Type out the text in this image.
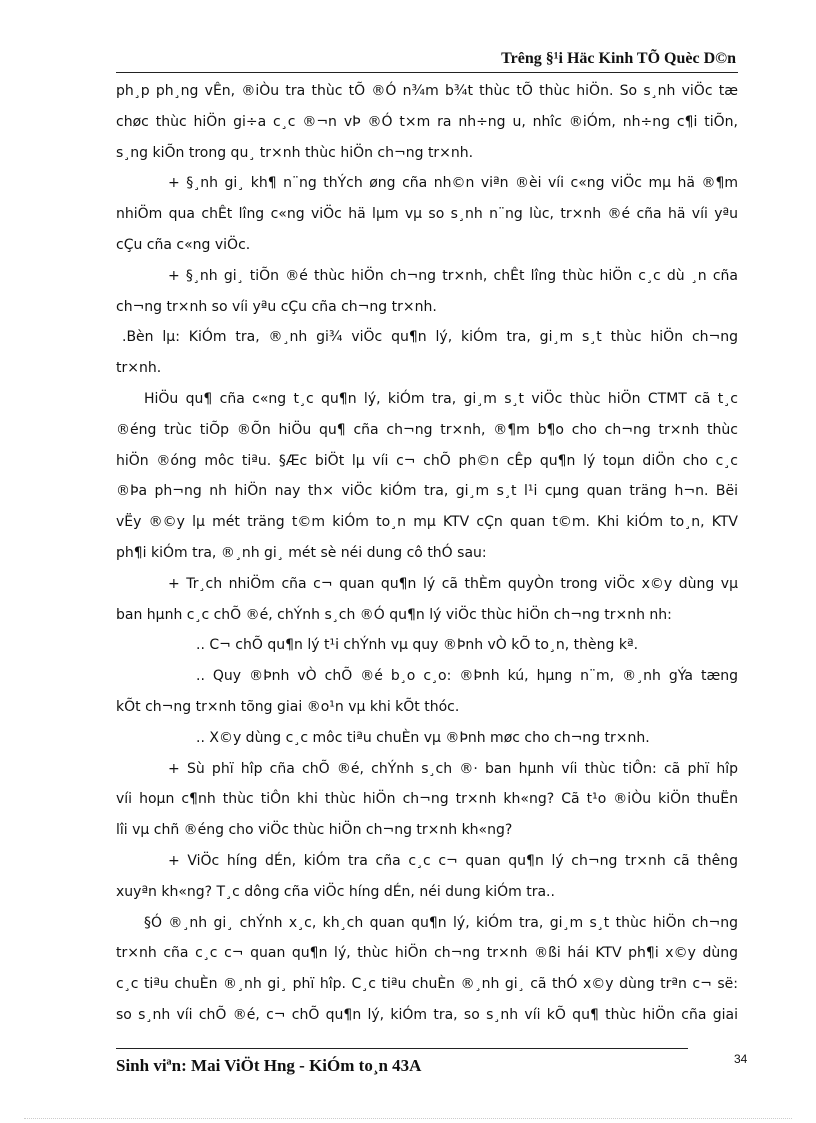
Trêng §¹i Häc Kinh TÕ Quèc D©n
ph¸p ph¸ng vÊn, ®iÒu tra thùc tÕ ®Ó n¾m b¾t thùc tÕ thùc hiÖn. So s¸nh viÖc tæ
chøc thùc hiÖn gi÷a c¸c ®¬n vÞ ®Ó t×m ra nh÷ng u, nhîc ®iÓm, nh÷ng c¶i tiÕn,
s¸ng kiÕn trong qu¸ tr×nh thùc hiÖn ch¬ng tr×nh.
+ §¸nh gi¸ kh¶ n¨ng thÝch øng cña nh©n viªn ®èi víi c«ng viÖc mµ hä ®¶m
nhiÖm qua chÊt lîng c«ng viÖc hä lµm vµ so s¸nh n¨ng lùc, tr×nh ®é cña hä víi yªu
cÇu cña c«ng viÖc.
+ §¸nh gi¸ tiÕn ®é thùc hiÖn ch¬ng tr×nh, chÊt lîng thùc hiÖn c¸c dù ¸n cña
ch¬ng tr×nh so víi yªu cÇu cña ch¬ng tr×nh.
.Bèn lµ: KiÓm tra, ®¸nh gi¾ viÖc qu¶n lý, kiÓm tra, gi¸m s¸t thùc hiÖn ch¬ng
tr×nh.
HiÖu qu¶ cña c«ng t¸c qu¶n lý, kiÓm tra, gi¸m s¸t viÖc thùc hiÖn CTMT cã t¸c
®éng trùc tiÕp ®Õn hiÖu qu¶ cña ch¬ng tr×nh, ®¶m b¶o cho ch¬ng tr×nh thùc
hiÖn ®óng môc tiªu. §Æc biÖt lµ víi c¬ chÕ ph©n cÊp qu¶n lý toµn diÖn cho c¸c
®Þa ph¬ng nh hiÖn nay th× viÖc kiÓm tra, gi¸m s¸t l¹i cµng quan träng h¬n. Bëi
vËy ®©y lµ mét träng t©m kiÓm to¸n mµ KTV cÇn quan t©m. Khi kiÓm to¸n, KTV
ph¶i kiÓm tra, ®¸nh gi¸ mét sè néi dung cô thÓ sau:
+ Tr¸ch nhiÖm cña c¬ quan qu¶n lý cã thÈm quyÒn trong viÖc x©y dùng vµ
ban hµnh c¸c chÕ ®é, chÝnh s¸ch ®Ó qu¶n lý viÖc thùc hiÖn ch¬ng tr×nh nh:
.. C¬ chÕ qu¶n lý t¹i chÝnh vµ quy ®Þnh vÒ kÕ to¸n, thèng kª.
.. Quy ®Þnh vÒ chÕ ®é b¸o c¸o: ®Þnh kú, hµng n¨m, ®¸nh gÝa tæng
kÕt ch¬ng tr×nh tõng giai ®o¹n vµ khi kÕt thóc.
.. X©y dùng c¸c môc tiªu chuÈn vµ ®Þnh møc cho ch¬ng tr×nh.
+ Sù phï hîp cña chÕ ®é, chÝnh s¸ch ®· ban hµnh víi thùc tiÔn: cã phï hîp
víi hoµn c¶nh thùc tiÔn khi thùc hiÖn ch¬ng tr×nh kh«ng? Cã t¹o ®iÒu kiÖn thuËn
lîi vµ chñ ®éng cho viÖc thùc hiÖn ch¬ng tr×nh kh«ng?
+ ViÖc híng dÉn, kiÓm tra cña c¸c c¬ quan qu¶n lý ch¬ng tr×nh cã thêng
xuyªn kh«ng? T¸c dông cña viÖc híng dÉn, néi dung kiÓm tra..
§Ó ®¸nh gi¸ chÝnh x¸c, kh¸ch quan qu¶n lý, kiÓm tra, gi¸m s¸t thùc hiÖn ch¬ng
tr×nh cña c¸c c¬ quan qu¶n lý, thùc hiÖn ch¬ng tr×nh ®ßi hái KTV ph¶i x©y dùng
c¸c tiªu chuÈn ®¸nh gi¸ phï hîp. C¸c tiªu chuÈn ®¸nh gi¸ cã thÓ x©y dùng trªn c¬ së:
so s¸nh víi chÕ ®é, c¬ chÕ qu¶n lý, kiÓm tra, so s¸nh víi kÕ qu¶ thùc hiÖn cña giai
Sinh viªn: Mai ViÖt Hng - KiÓm to¸n 43A	34
